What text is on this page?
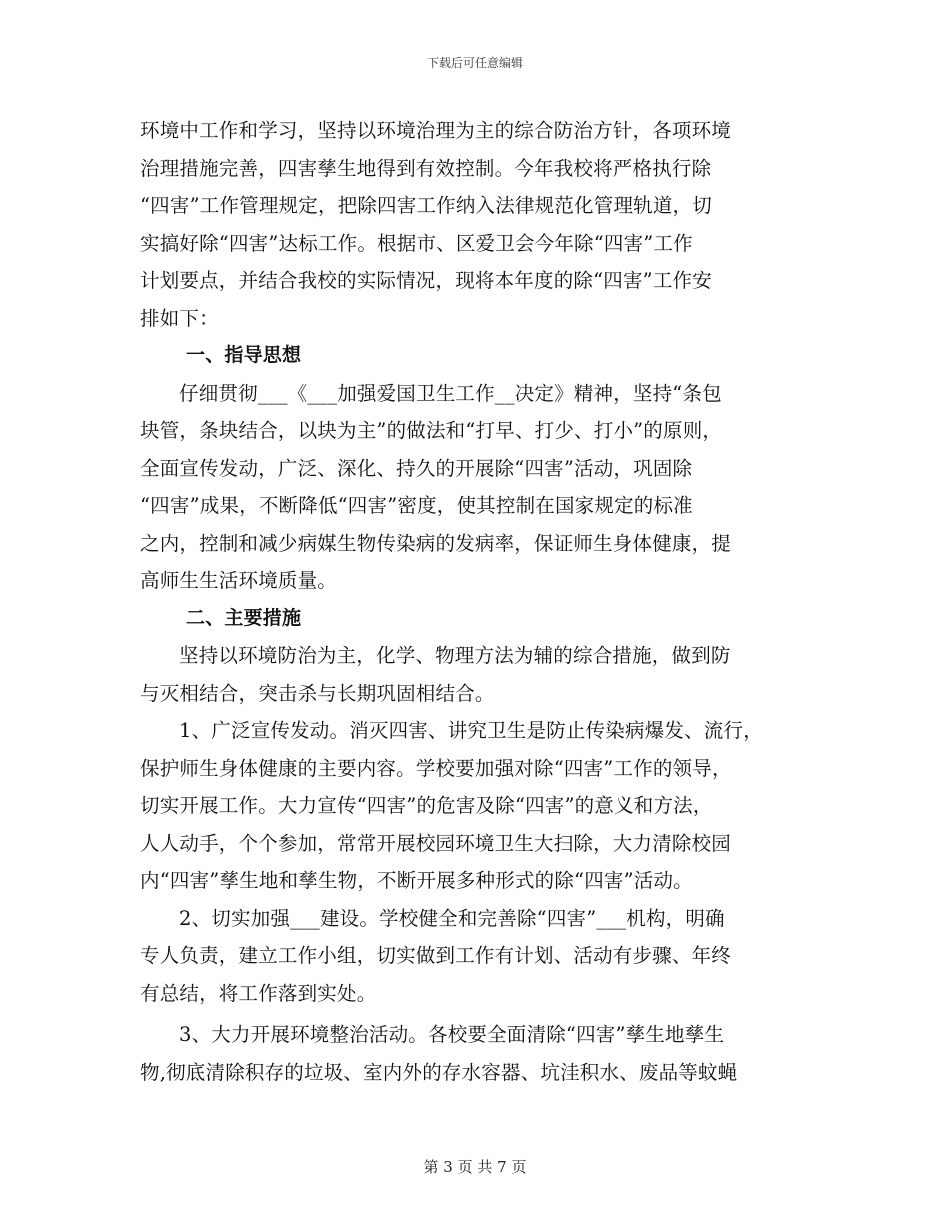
下载后可任意编辑
环境中工作和学习，坚持以环境治理为主的综合防治方针，各项环境
治理措施完善，四害孳生地得到有效控制。今年我校将严格执行除
“四害”工作管理规定，把除四害工作纳入法律规范化管理轨道，切
实搞好除“四害”达标工作。根据市、区爱卫会今年除“四害”工作
计划要点，并结合我校的实际情况，现将本年度的除“四害”工作安
排如下：
一、指导思想
仔细贯彻___《___加强爱国卫生工作__决定》精神，坚持“条包
块管，条块结合，以块为主”的做法和“打早、打少、打小”的原则，
全面宣传发动，广泛、深化、持久的开展除“四害”活动，巩固除
“四害”成果，不断降低“四害”密度，使其控制在国家规定的标准
之内，控制和减少病媒生物传染病的发病率，保证师生身体健康，提
高师生生活环境质量。
二、主要措施
坚持以环境防治为主，化学、物理方法为辅的综合措施，做到防
与灭相结合，突击杀与长期巩固相结合。
1、广泛宣传发动。消灭四害、讲究卫生是防止传染病爆发、流行，
保护师生身体健康的主要内容。学校要加强对除“四害”工作的领导，
切实开展工作。大力宣传“四害”的危害及除“四害”的意义和方法，
人人动手，个个参加，常常开展校园环境卫生大扫除，大力清除校园
内“四害”孳生地和孳生物，不断开展多种形式的除“四害”活动。
2、切实加强___建设。学校健全和完善除“四害”___机构，明确
专人负责，建立工作小组，切实做到工作有计划、活动有步骤、年终
有总结，将工作落到实处。
3、大力开展环境整治活动。各校要全面清除“四害”孳生地孳生
物,彻底清除积存的垃圾、室内外的存水容器、坑洼积水、废品等蚊蝇
第 3 页 共 7 页
